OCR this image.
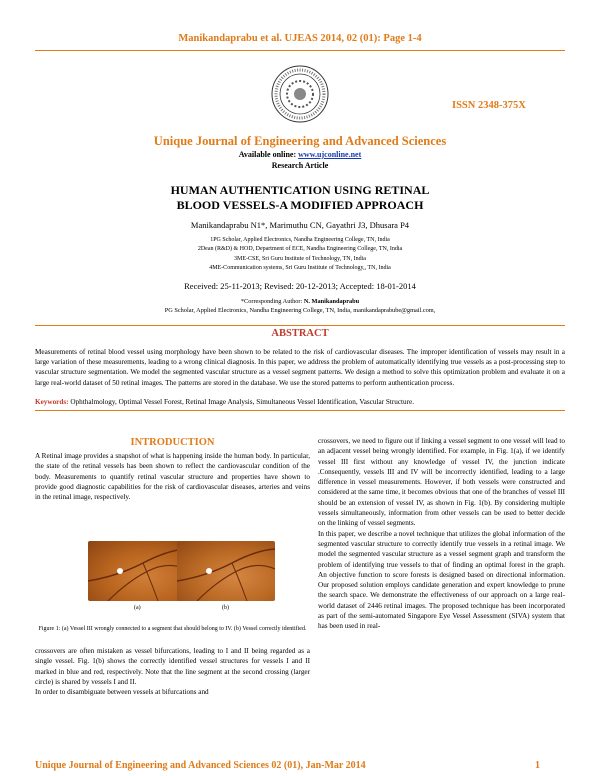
Manikandaprabu et al. UJEAS 2014, 02 (01): Page 1-4
ISSN 2348-375X
Unique Journal of Engineering and Advanced Sciences
Available online: www.ujconline.net
Research Article
HUMAN AUTHENTICATION USING RETINAL
BLOOD VESSELS-A MODIFIED APPROACH
Manikandaprabu N1*, Marimuthu CN, Gayathri J3, Dhusara P4
1PG Scholar, Applied Electronics, Nandha Engineering College, TN, India
2Dean (R&D) & HOD, Department of ECE, Nandha Engineering College, TN, India
3ME-CSE, Sri Guru Institute of Technology, TN, India
4ME-Communication systems, Sri Guru Institute of Technology,, TN, India
Received: 25-11-2013; Revised: 20-12-2013; Accepted: 18-01-2014
*Corresponding Author: N. Manikandaprabu
PG Scholar, Applied Electronics, Nandha Engineering College, TN, India, manikandaprabube@gmail.com,
ABSTRACT
Measurements of retinal blood vessel using morphology have been shown to be related to the risk of cardiovascular diseases. The improper identification of vessels may result in a large variation of these measurements, leading to a wrong clinical diagnosis. In this paper, we address the problem of automatically identifying true vessels as a post-processing step to vascular structure segmentation. We model the segmented vascular structure as a vessel segment patterns. We design a method to solve this optimization problem and evaluate it on a large real-world dataset of 50 retinal images. The patterns are stored in the database. We use the stored patterns to perform authentication process.
Keywords: Ophthalmology, Optimal Vessel Forest, Retinal Image Analysis, Simultaneous Vessel Identification, Vascular Structure.
INTRODUCTION
A Retinal image provides a snapshot of what is happening inside the human body. In particular, the state of the retinal vessels has been shown to reflect the cardiovascular condition of the body. Measurements to quantify retinal vascular structure and properties have shown to provide good diagnostic capabilities for the risk of cardiovascular diseases, arteries and veins in the retinal image, respectively.
(a)	(b)
Figure 1: (a) Vessel III wrongly connected to a segment that should belong to IV. (b) Vessel correctly identified.

crossovers are often mistaken as vessel bifurcations, leading to I and II being regarded as a single vessel. Fig. 1(b) shows the correctly identified vessel structures for vessels I and II marked in blue and red, respectively. Note that the line segment at the second crossing (larger circle) is shared by vessels I and II.

In order to disambiguate between vessels at bifurcations and

crossovers, we need to figure out if linking a vessel segment to one vessel will lead to an adjacent vessel being wrongly identified. For example, in Fig. 1(a), if we identify vessel III first without any knowledge of vessel IV, the junction indicate .Consequently, vessels III and IV will be incorrectly identified, leading to a large difference in vessel measurements. However, if both vessels were constructed and considered at the same time, it becomes obvious that one of the branches of vessel III should be an extension of vessel IV, as shown in Fig. 1(b). By considering multiple vessels simultaneously, information from other vessels can be used to better decide on the linking of vessel segments.

In this paper, we describe a novel technique that utilizes the global information of the segmented vascular structure to correctly identify true vessels in a retinal image. We model the segmented vascular structure as a vessel segment graph and transform the problem of identifying true vessels to that of finding an optimal forest in the graph. An objective function to score forests is designed based on directional information. Our proposed solution employs candidate generation and expert knowledge to prune the search space. We demonstrate the effectiveness of our approach on a large real-world dataset of 2446 retinal images. The proposed technique has been incorporated as part of the semi-automated Singapore Eye Vessel Assessment (SIVA) system that has been used in real-

Unique Journal of Engineering and Advanced Sciences 02 (01), Jan-Mar 2014	1
